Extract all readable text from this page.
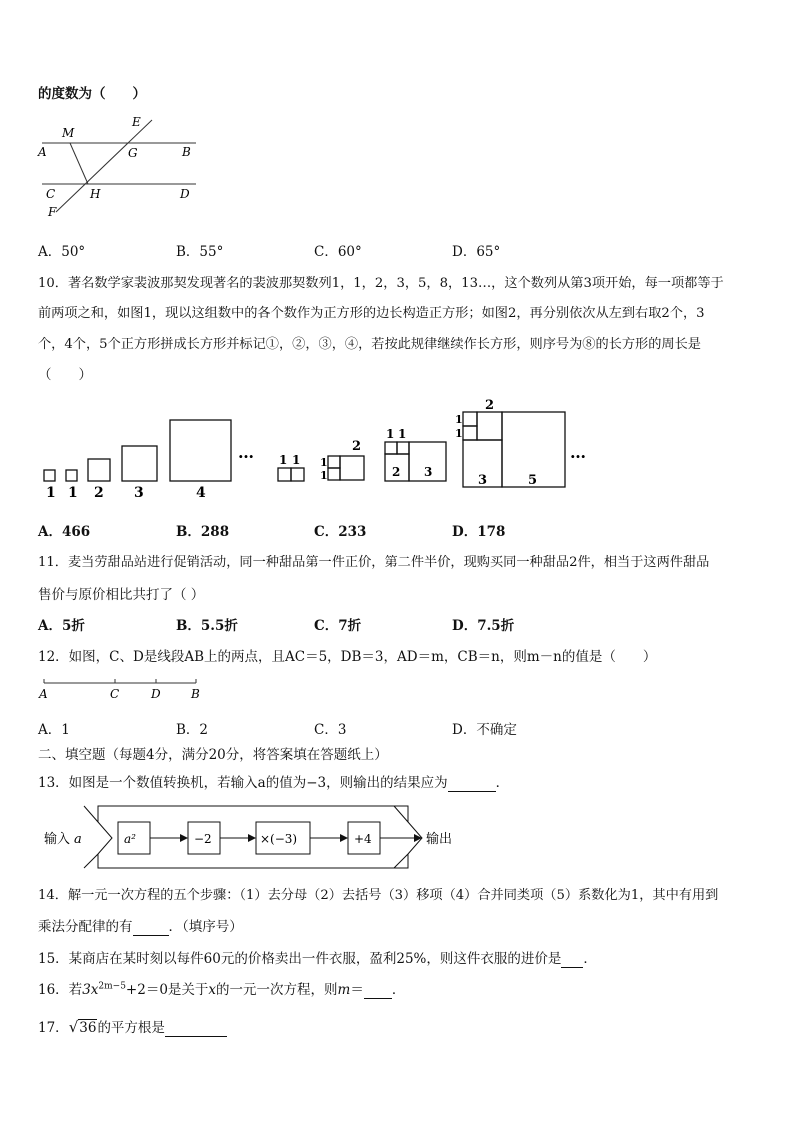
的度数为（　　）
M
E
A	G	B
C	H	D
F
A．50°	B．55°	C．60°	D．65°
10．著名数学家裴波那契发现著名的裴波那契数列1，1，2，3，5，8，13…，这个数列从第3项开始，每一项都等于
前两项之和，如图1，现以这组数中的各个数作为正方形的边长构造正方形；如图2，再分别依次从左到右取2个，3
个，4个，5个正方形拼成长方形并标记①，②，③，④，若按此规律继续作长方形，则序号为⑧的长方形的周长是
（　　）
1 1 2 3	4
… 1 1 1
1
2
1 1
2 3
1
1
2
3	5
…
A．466	B．288	C．233	D．178
11．麦当劳甜品站进行促销活动，同一种甜品第一件正价，第二件半价，现购买同一种甜品2件，相当于这两件甜品
售价与原价相比共打了（ ）
A．5折	B．5.5折	C．7折	D．7.5折
12．如图，C、D是线段AB上的两点，且AC＝5，DB＝3，AD＝m，CB＝n，则m－n的值是（　　）
A	C	D	B
A．1	B．2	C．3	D．不确定
二、填空题（每题4分，满分20分，将答案填在答题纸上）
13．如图是一个数值转换机，若输入a的值为−3，则输出的结果应为	．
输入 a	a²	−2	×(−3)	+4	输出
14．解一元一次方程的五个步骤：（1）去分母（2）去括号（3）移项（4）合并同类项（5）系数化为1，其中有用到
乘法分配律的有	．（填序号）
15．某商店在某时刻以每件60元的价格卖出一件衣服，盈利25%，则这件衣服的进价是 ．
16．若$3x^{2m-5}+2=0$是关于x的一元一次方程，则m＝ ．
17．√36的平方根是
